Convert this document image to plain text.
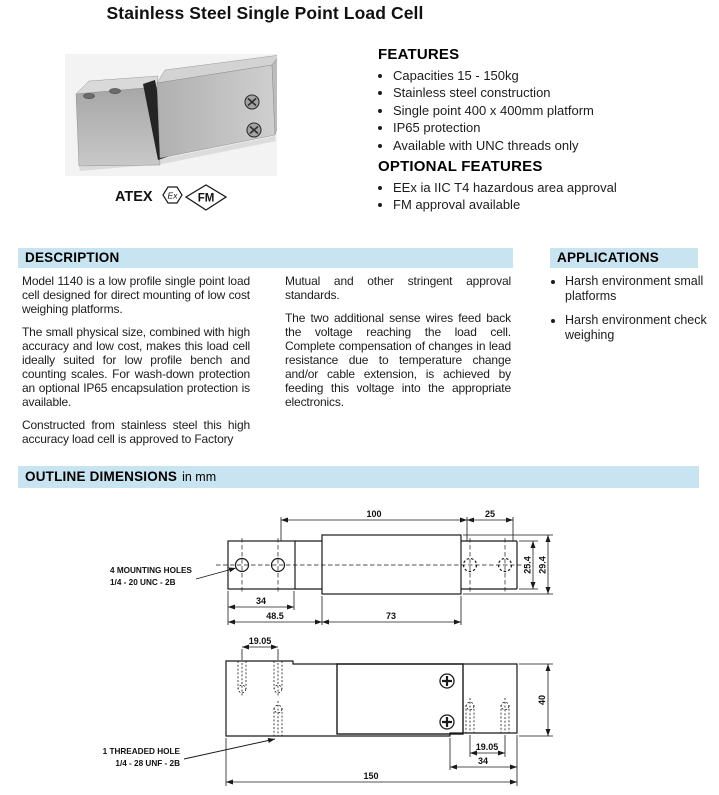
Stainless Steel Single Point Load Cell
ATEX Ex FM
FEATURES
• Capacities 15 - 150kg
• Stainless steel construction
• Single point 400 x 400mm platform
• IP65 protection
• Available with UNC threads only
OPTIONAL FEATURES
• EEx ia IIC T4 hazardous area approval
• FM approval available
DESCRIPTION

Model 1140 is a low profile single point load cell designed for direct mounting of low cost weighing platforms.

The small physical size, combined with high accuracy and low cost, makes this load cell ideally suited for low profile bench and counting scales. For wash-down protection an optional IP65 encapsulation protection is available.

Constructed from stainless steel this high accuracy load cell is approved to Factory

Mutual and other stringent approval standards.

The two additional sense wires feed back the voltage reaching the load cell. Complete compensation of changes in lead resistance due to temperature change and/or cable extension, is achieved by feeding this voltage into the appropriate electronics.

APPLICATIONS
• Harsh environment small platforms
• Harsh environment check weighing
OUTLINE DIMENSIONS in mm
100	25
34
48.5	73
25.4 29.4
4 MOUNTING HOLES
1/4 - 20 UNC - 2B
19.05
19.05
34
150
40
1 THREADED HOLE
1/4 - 28 UNF - 2B
